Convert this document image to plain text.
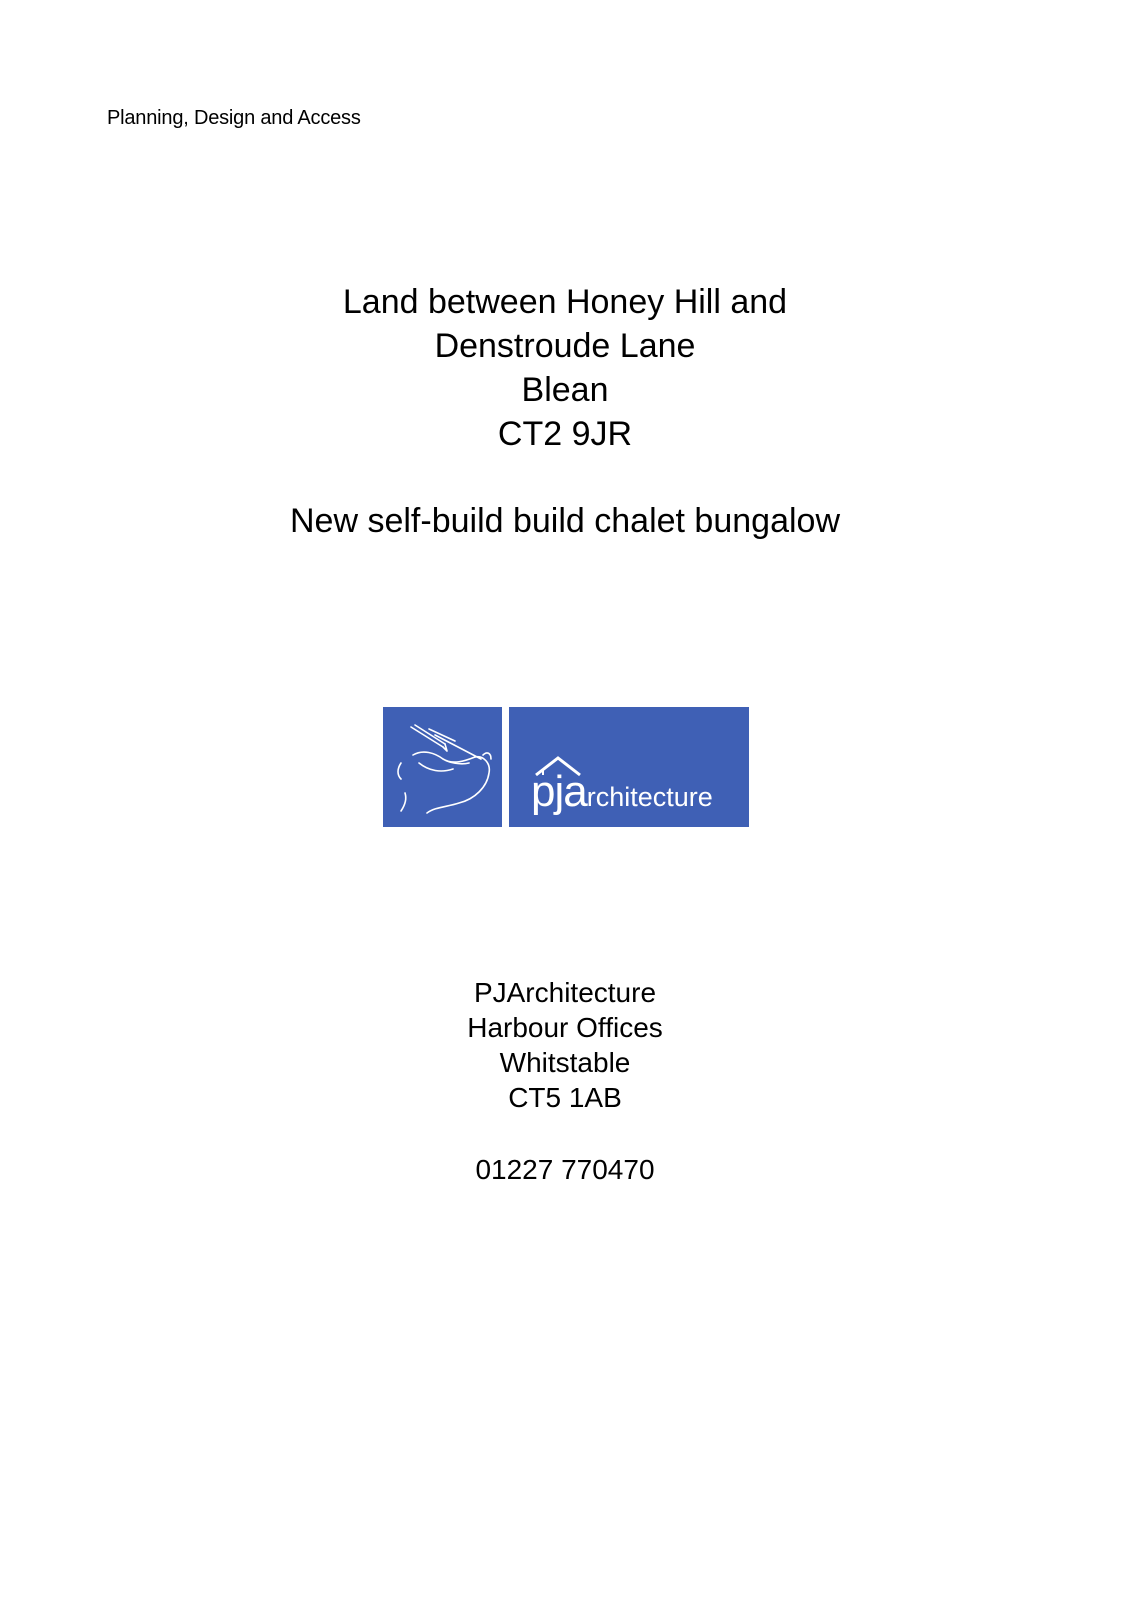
Planning, Design and Access
Land between Honey Hill and
Denstroude Lane
Blean
CT2 9JR
New self-build build chalet bungalow
pjarchitecture
PJArchitecture
Harbour Offices
Whitstable
CT5 1AB
01227 770470
